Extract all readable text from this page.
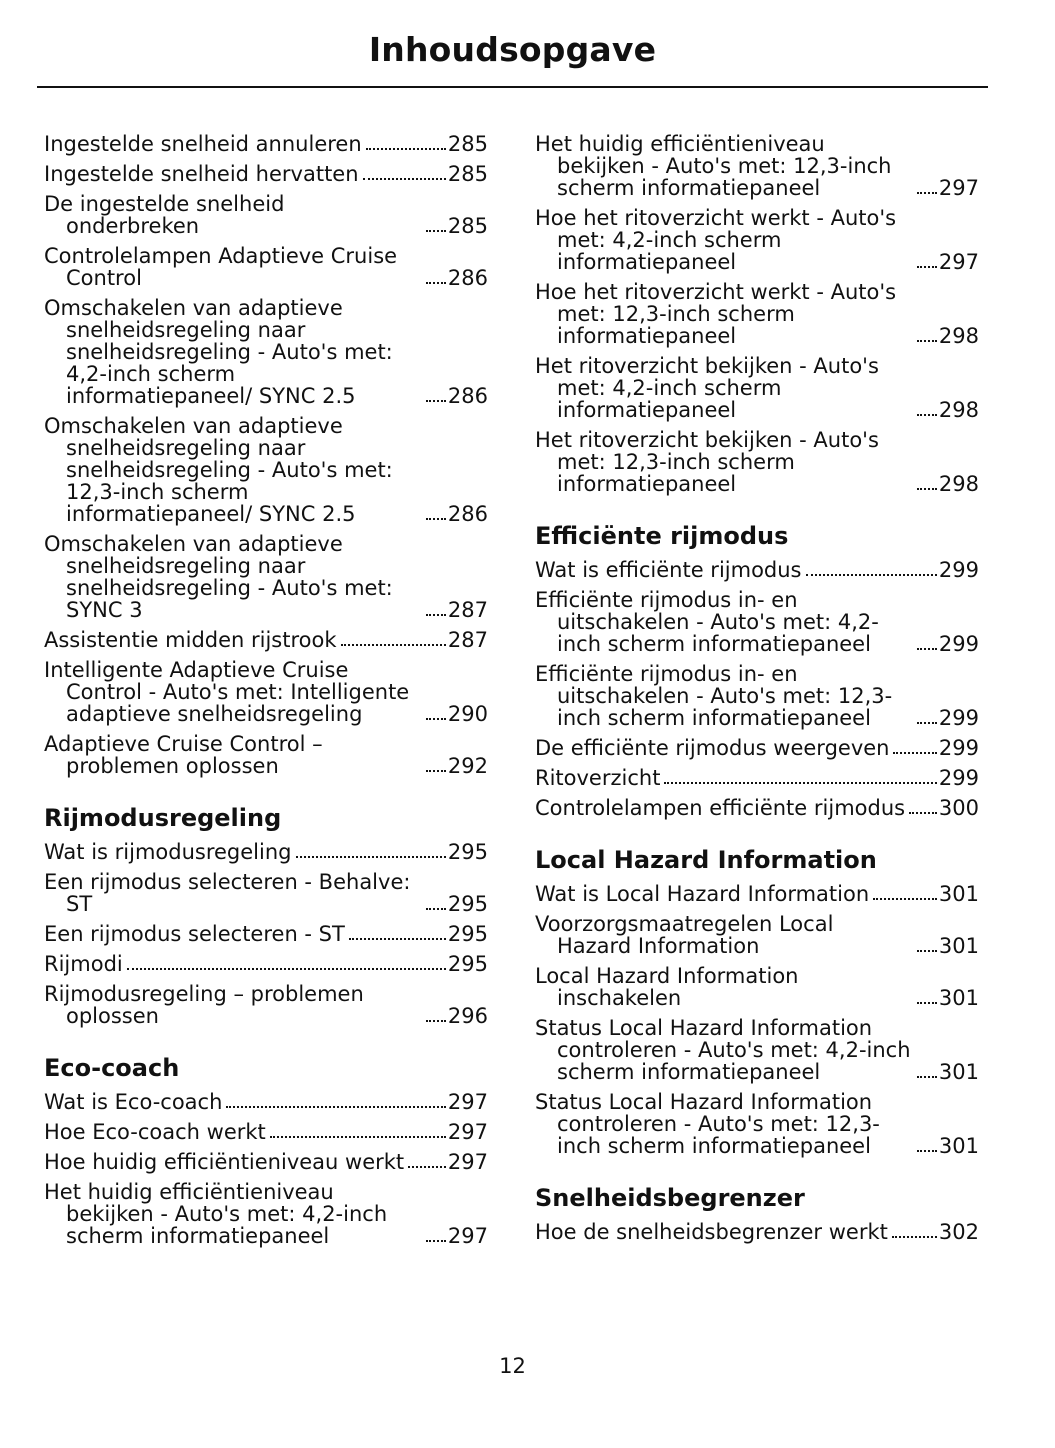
Inhoudsopgave
Ingestelde snelheid annuleren	285
Ingestelde snelheid hervatten	285
De ingestelde snelheid onderbreken	285
Controlelampen Adaptieve Cruise Control	286
Omschakelen van adaptieve snelheidsregeling naar snelheidsregeling - Auto's met: 4,2-inch scherm informatiepaneel/ SYNC 2.5	286
Omschakelen van adaptieve snelheidsregeling naar snelheidsregeling - Auto's met: 12,3-inch scherm informatiepaneel/ SYNC 2.5	286
Omschakelen van adaptieve snelheidsregeling naar snelheidsregeling - Auto's met: SYNC 3	287
Assistentie midden rijstrook	287
Intelligente Adaptieve Cruise Control - Auto's met: Intelligente adaptieve snelheidsregeling	290
Adaptieve Cruise Control – problemen oplossen	292
Rijmodusregeling
Wat is rijmodusregeling	295
Een rijmodus selecteren - Behalve: ST	295
Een rijmodus selecteren - ST	295
Rijmodi	295
Rijmodusregeling – problemen oplossen	296
Eco-coach
Wat is Eco-coach	297
Hoe Eco-coach werkt	297
Hoe huidig efficiëntieniveau werkt 297
Het huidig efficiëntieniveau bekijken - Auto's met: 4,2-inch scherm informatiepaneel	297
Het huidig efficiëntieniveau bekijken - Auto's met: 12,3-inch scherm informatiepaneel	297
Hoe het ritoverzicht werkt - Auto's met: 4,2-inch scherm informatiepaneel	297
Hoe het ritoverzicht werkt - Auto's met: 12,3-inch scherm informatiepaneel	298
Het ritoverzicht bekijken - Auto's met: 4,2-inch scherm informatiepaneel	298
Het ritoverzicht bekijken - Auto's met: 12,3-inch scherm informatiepaneel	298
Efficiënte rijmodus
Wat is efficiënte rijmodus	299
Efficiënte rijmodus in- en uitschakelen - Auto's met: 4,2-inch scherm informatiepaneel	299
Efficiënte rijmodus in- en uitschakelen - Auto's met: 12,3-inch scherm informatiepaneel	299
De efficiënte rijmodus weergeven 299
Ritoverzicht	299
Controlelampen efficiënte rijmodus 300
Local Hazard Information
Wat is Local Hazard Information	301
Voorzorgsmaatregelen Local Hazard Information	301
Local Hazard Information inschakelen	301
Status Local Hazard Information controleren - Auto's met: 4,2-inch scherm informatiepaneel	301
Status Local Hazard Information controleren - Auto's met: 12,3-inch scherm informatiepaneel	301
Snelheidsbegrenzer
Hoe de snelheidsbegrenzer werkt 302
12
